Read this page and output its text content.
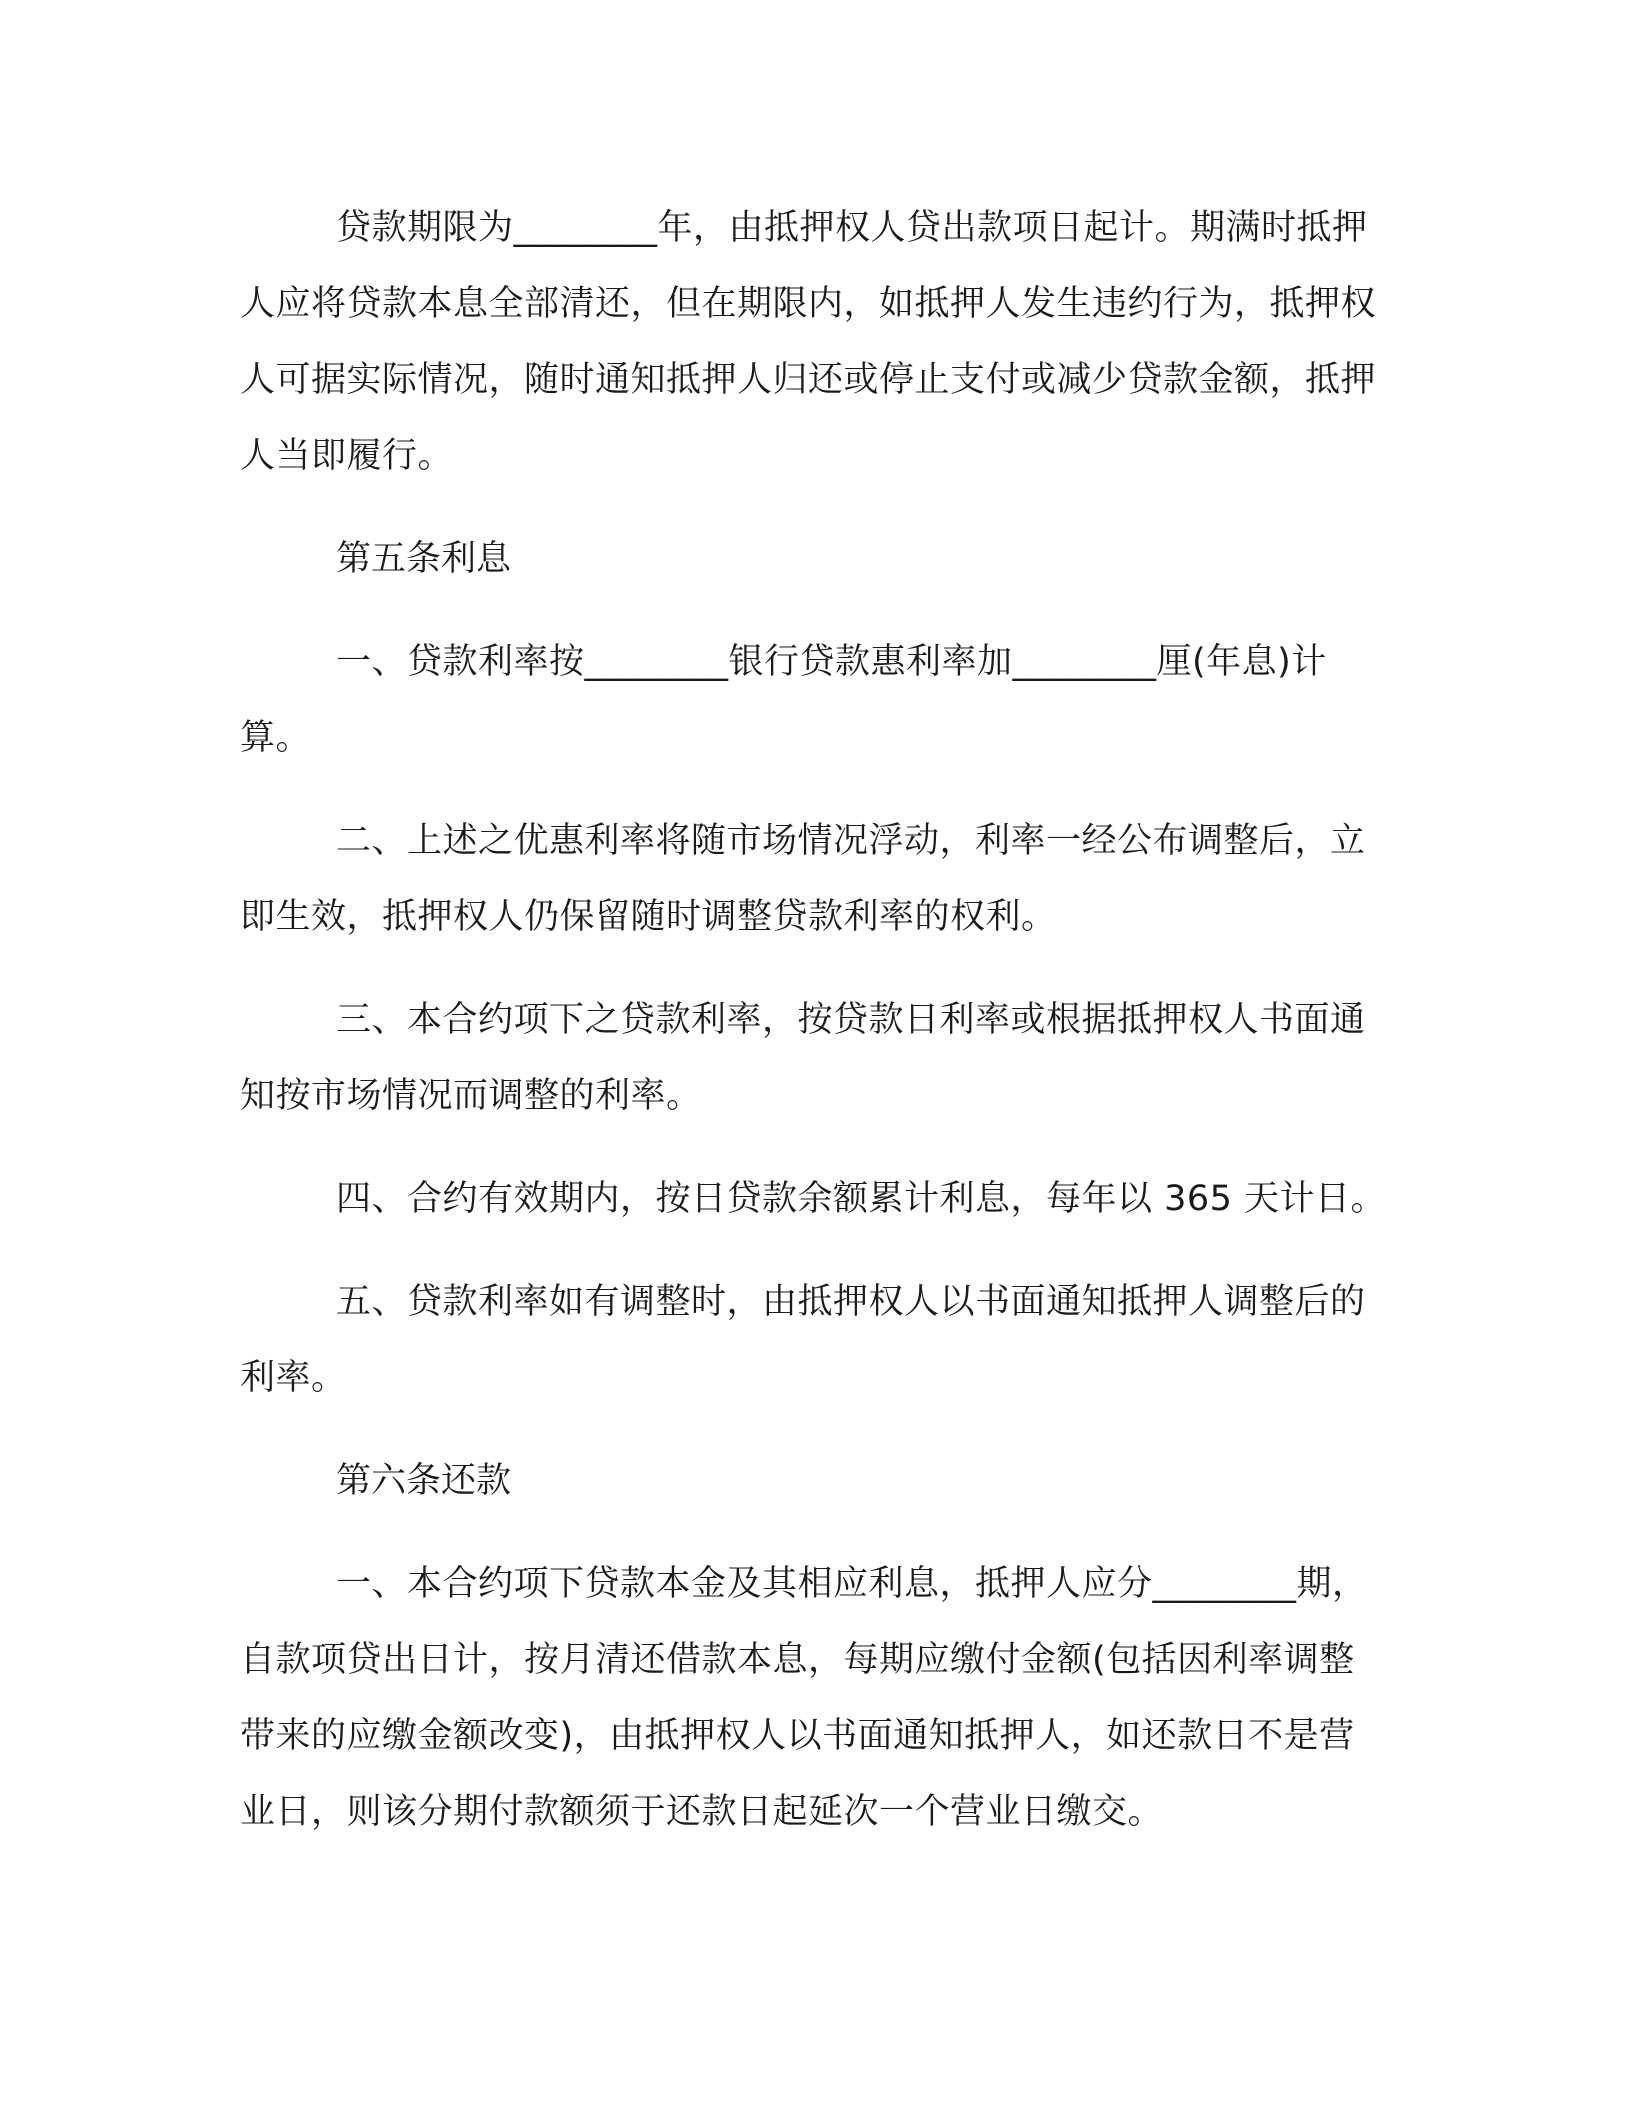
贷款期限为________年，由抵押权人贷出款项日起计。期满时抵押人应将贷款本息全部清还，但在期限内，如抵押人发生违约行为，抵押权人可据实际情况，随时通知抵押人归还或停止支付或减少贷款金额，抵押人当即履行。

第五条利息

一、贷款利率按________银行贷款惠利率加________厘(年息)计算。

二、上述之优惠利率将随市场情况浮动，利率一经公布调整后，立即生效，抵押权人仍保留随时调整贷款利率的权利。

三、本合约项下之贷款利率，按贷款日利率或根据抵押权人书面通知按市场情况而调整的利率。

四、合约有效期内，按日贷款余额累计利息，每年以 365 天计日。

五、贷款利率如有调整时，由抵押权人以书面通知抵押人调整后的利率。

第六条还款

一、本合约项下贷款本金及其相应利息，抵押人应分________期，自款项贷出日计，按月清还借款本息，每期应缴付金额(包括因利率调整带来的应缴金额改变)，由抵押权人以书面通知抵押人，如还款日不是营业日，则该分期付款额须于还款日起延次一个营业日缴交。
